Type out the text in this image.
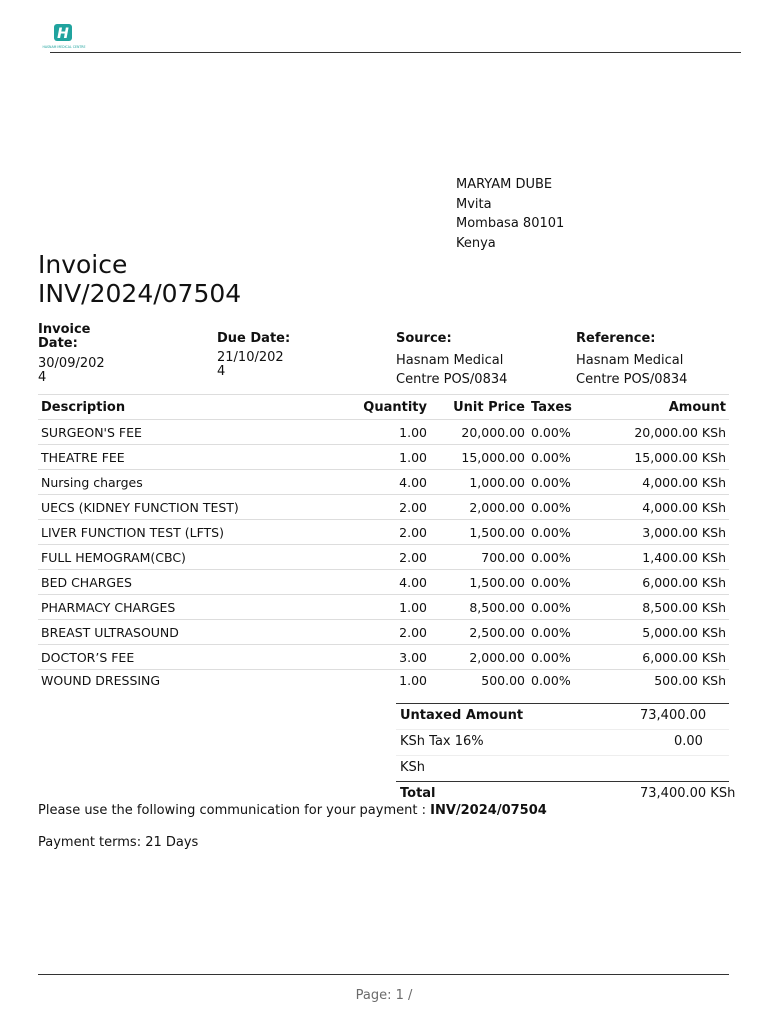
H
HASNAM MEDICAL CENTRE
MARYAM DUBE
Mvita
Mombasa 80101
Kenya
Invoice
INV/2024/07504
Invoice
Date:
30/09/202
4
Due Date:
21/10/202
4
Source:
Hasnam Medical
Centre POS/0834
Reference:
Hasnam Medical
Centre POS/0834
Description	Quantity	Unit Price	Taxes	Amount
SURGEON'S FEE	1.00	20,000.00	0.00%	20,000.00 KSh
THEATRE FEE	1.00	15,000.00	0.00%	15,000.00 KSh
Nursing charges	4.00	1,000.00	0.00%	4,000.00 KSh
UECS (KIDNEY FUNCTION TEST)	2.00	2,000.00	0.00%	4,000.00 KSh
LIVER FUNCTION TEST (LFTS)	2.00	1,500.00	0.00%	3,000.00 KSh
FULL HEMOGRAM(CBC)	2.00	700.00	0.00%	1,400.00 KSh
BED CHARGES	4.00	1,500.00	0.00%	6,000.00 KSh
PHARMACY CHARGES	1.00	8,500.00	0.00%	8,500.00 KSh
BREAST ULTRASOUND	2.00	2,500.00	0.00%	5,000.00 KSh
DOCTOR’S FEE	3.00	2,000.00	0.00%	6,000.00 KSh
WOUND DRESSING	1.00	500.00	0.00%	500.00 KSh
Untaxed Amount	73,400.00
KSh Tax 16%	0.00
KSh
Total	73,400.00 KSh
Please use the following communication for your payment : INV/2024/07504
Payment terms: 21 Days
Page: 1 /
